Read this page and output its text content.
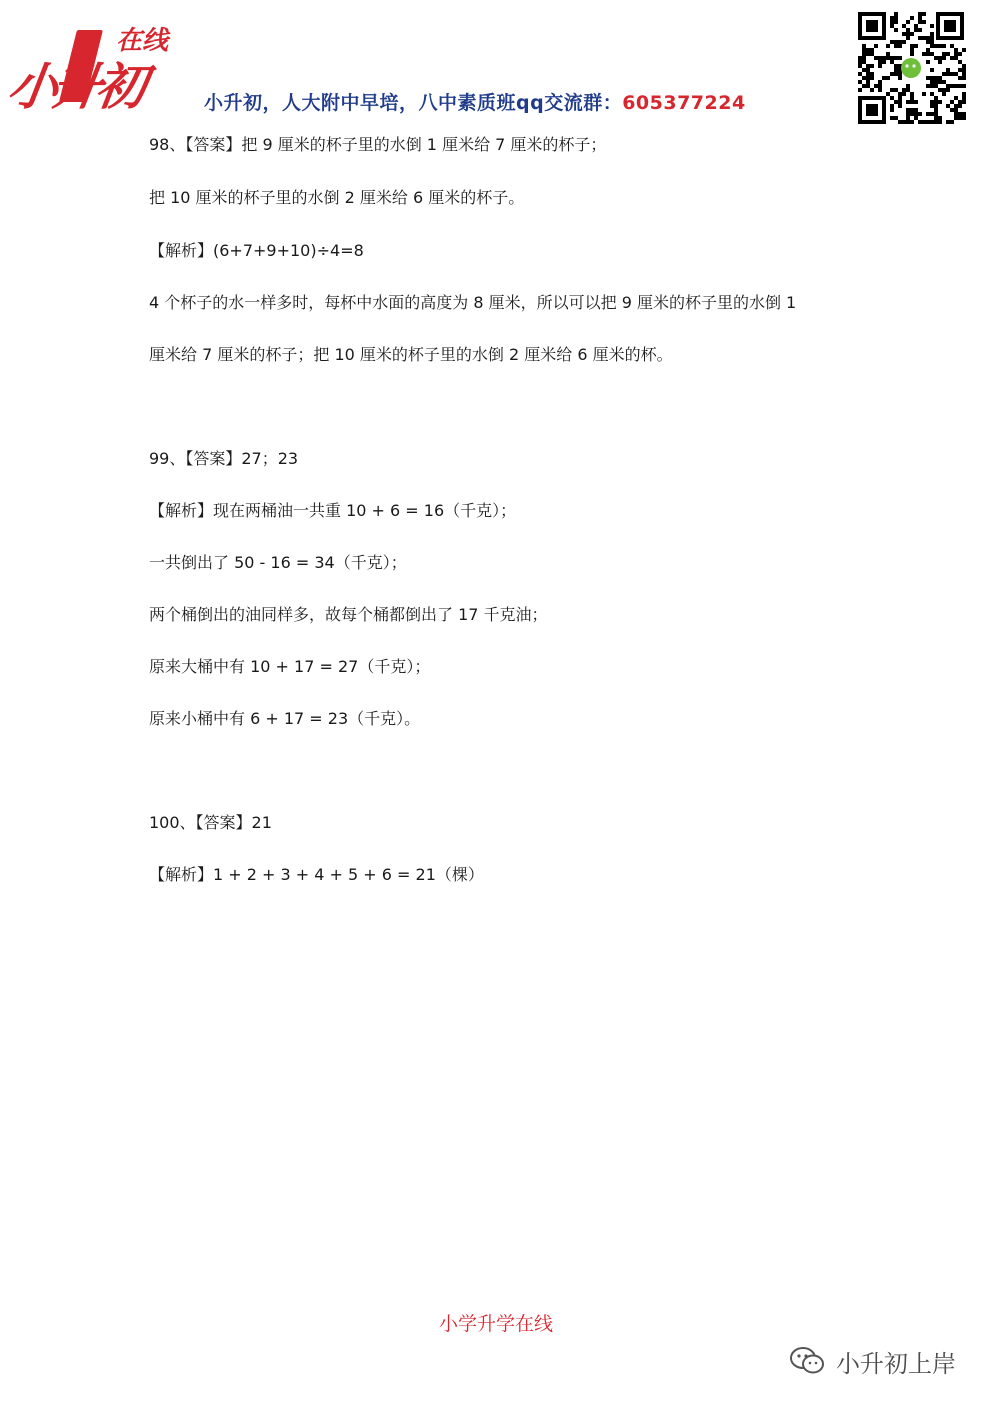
小升初
在线
小升初，人大附中早培，八中素质班qq交流群：605377224
98、【答案】把 9 厘米的杯子里的水倒 1 厘米给 7 厘米的杯子；
把 10 厘米的杯子里的水倒 2 厘米给 6 厘米的杯子。
【解析】(6+7+9+10)÷4=8
4 个杯子的水一样多时，每杯中水面的高度为 8 厘米，所以可以把 9 厘米的杯子里的水倒 1
厘米给 7 厘米的杯子；把 10 厘米的杯子里的水倒 2 厘米给 6 厘米的杯。
99、【答案】27；23
【解析】现在两桶油一共重 10 + 6 = 16（千克）；
一共倒出了 50 - 16 = 34（千克）；
两个桶倒出的油同样多，故每个桶都倒出了 17 千克油；
原来大桶中有 10 + 17 = 27（千克）；
原来小桶中有 6 + 17 = 23（千克）。
100、【答案】21
【解析】1 + 2 + 3 + 4 + 5 + 6 = 21（棵）
小学升学在线
小升初上岸
